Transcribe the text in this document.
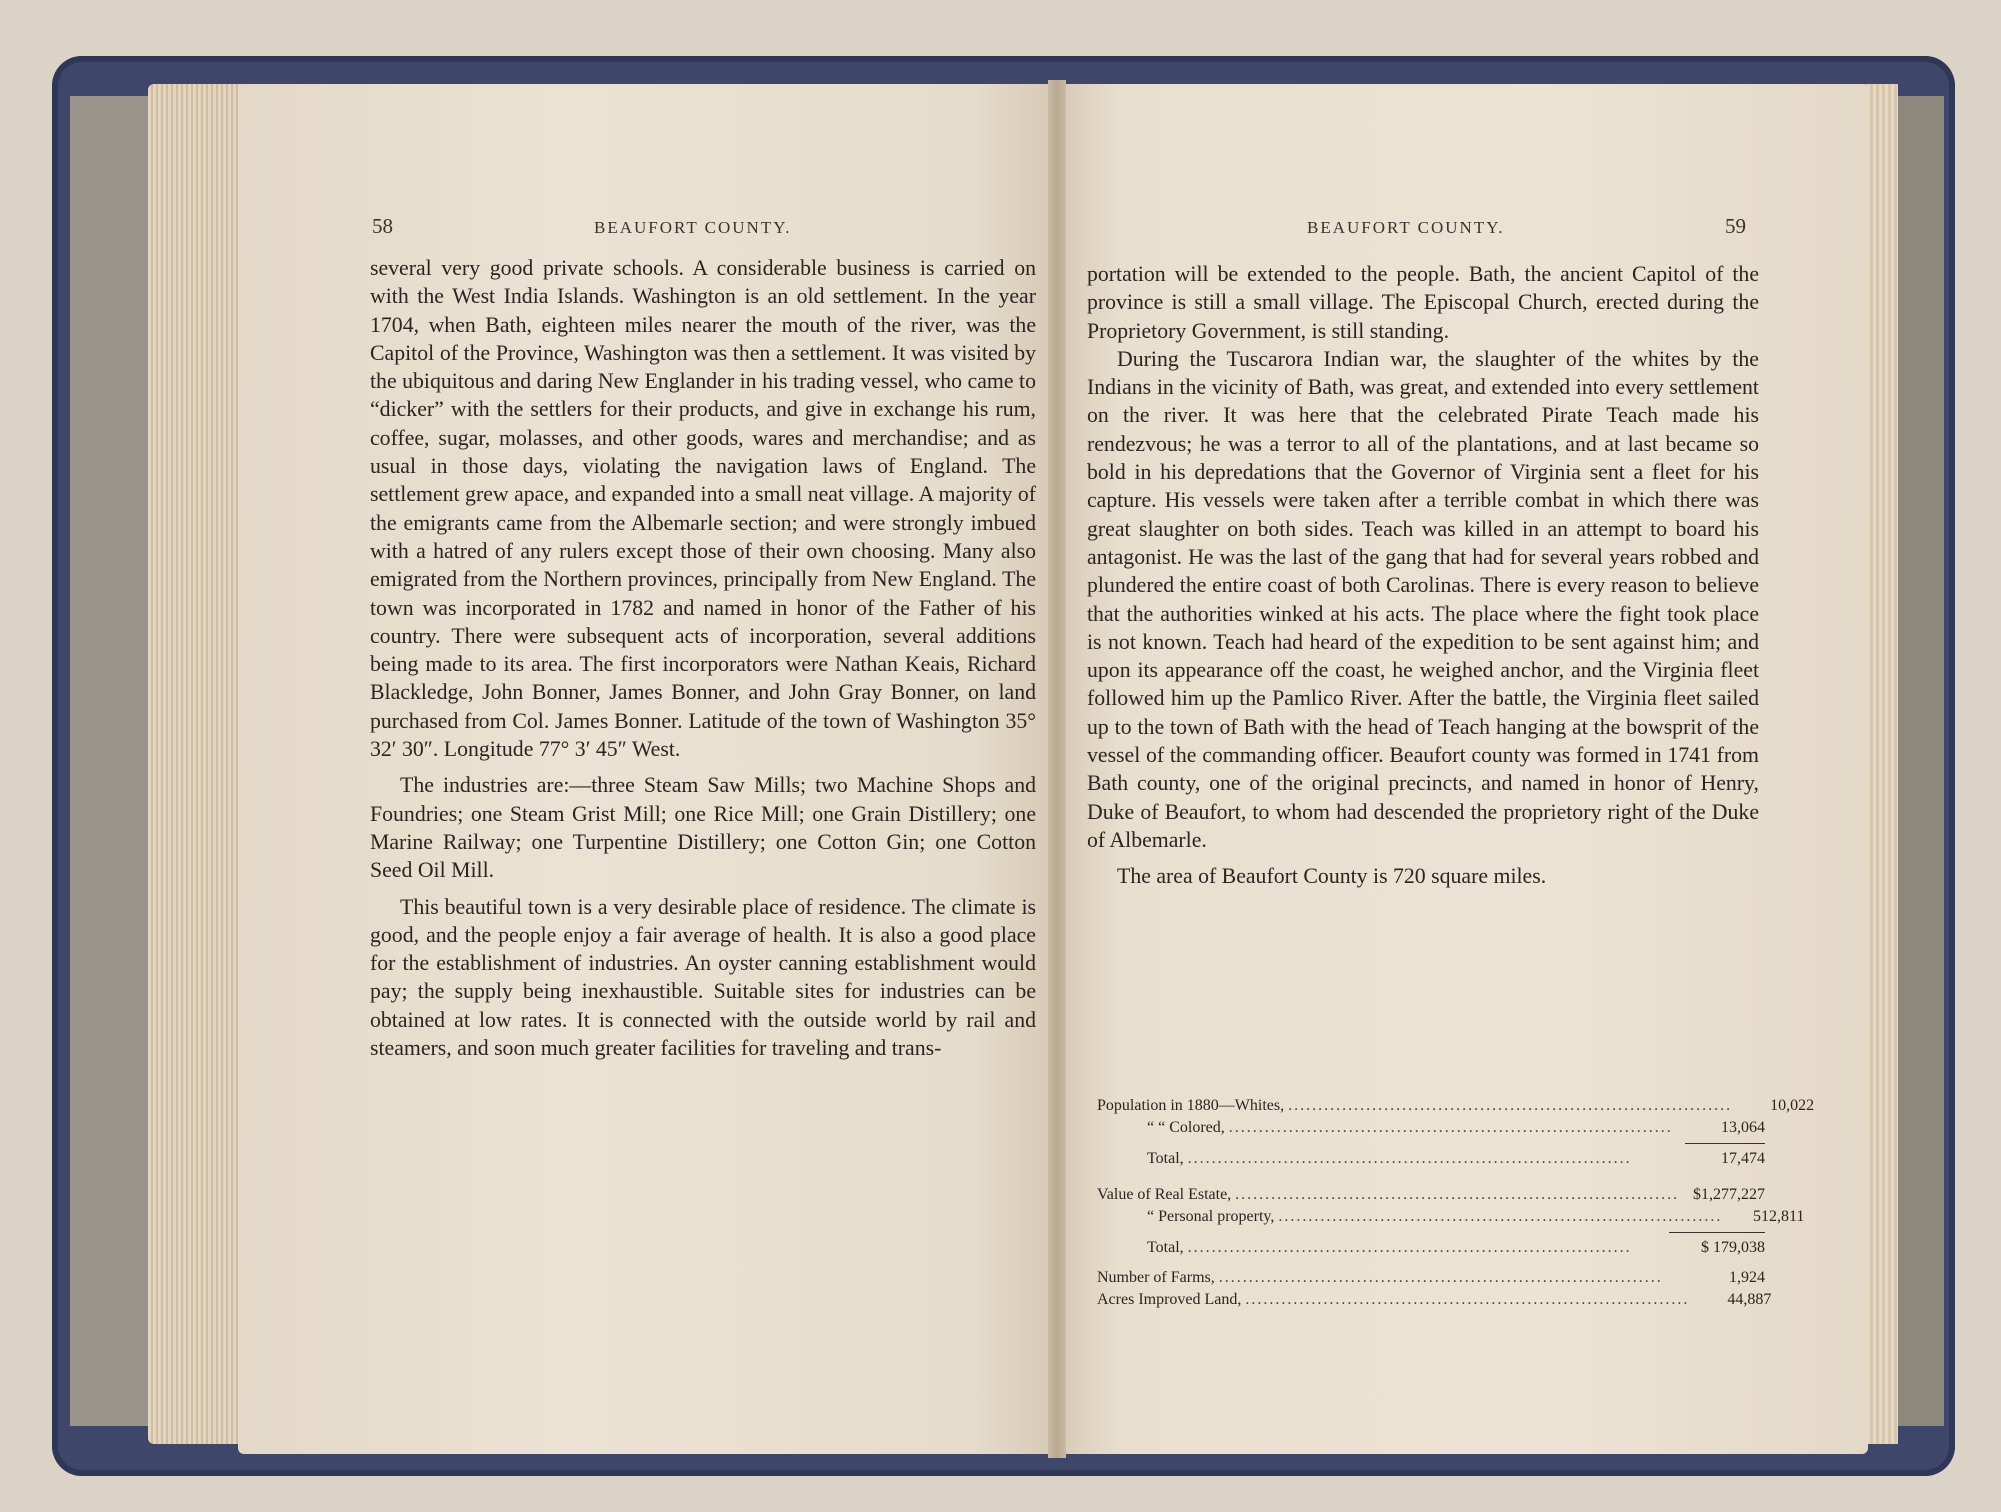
58	BEAUFORT COUNTY.

several very good private schools. A considerable business is carried on with the West India Islands. Washington is an old settlement. In the year 1704, when Bath, eighteen miles nearer the mouth of the river, was the Capitol of the Province, Washington was then a settlement. It was visited by the ubiquitous and daring New Englander in his trading vessel, who came to “dicker” with the settlers for their products, and give in exchange his rum, coffee, sugar, molasses, and other goods, wares and merchandise; and as usual in those days, violating the navigation laws of England. The settlement grew apace, and expanded into a small neat village. A majority of the emigrants came from the Albemarle section; and were strongly imbued with a hatred of any rulers except those of their own choosing. Many also emigrated from the Northern provinces, principally from New England. The town was incorporated in 1782 and named in honor of the Father of his country. There were subsequent acts of incorporation, several additions being made to its area. The first incorporators were Nathan Keais, Richard Blackledge, John Bonner, James Bonner, and John Gray Bonner, on land purchased from Col. James Bonner. Latitude of the town of Washington 35° 32′ 30″. Longitude 77° 3′ 45″ West.

The industries are:—three Steam Saw Mills; two Machine Shops and Foundries; one Steam Grist Mill; one Rice Mill; one Grain Distillery; one Marine Railway; one Turpentine Distillery; one Cotton Gin; one Cotton Seed Oil Mill.

This beautiful town is a very desirable place of residence. The climate is good, and the people enjoy a fair average of health. It is also a good place for the establishment of industries. An oyster canning establishment would pay; the supply being inexhaustible. Suitable sites for industries can be obtained at low rates. It is connected with the outside world by rail and steamers, and soon much greater facilities for traveling and trans-

BEAUFORT COUNTY.	59

portation will be extended to the people. Bath, the ancient Capitol of the province is still a small village. The Episcopal Church, erected during the Proprietory Government, is still standing.

During the Tuscarora Indian war, the slaughter of the whites by the Indians in the vicinity of Bath, was great, and extended into every settlement on the river. It was here that the celebrated Pirate Teach made his rendezvous; he was a terror to all of the plantations, and at last became so bold in his depredations that the Governor of Virginia sent a fleet for his capture. His vessels were taken after a terrible combat in which there was great slaughter on both sides. Teach was killed in an attempt to board his antagonist. He was the last of the gang that had for several years robbed and plundered the entire coast of both Carolinas. There is every reason to believe that the authorities winked at his acts. The place where the fight took place is not known. Teach had heard of the expedition to be sent against him; and upon its appearance off the coast, he weighed anchor, and the Virginia fleet followed him up the Pamlico River. After the battle, the Virginia fleet sailed up to the town of Bath with the head of Teach hanging at the bowsprit of the vessel of the commanding officer. Beaufort county was formed in 1741 from Bath county, one of the original precincts, and named in honor of Henry, Duke of Beaufort, to whom had descended the proprietory right of the Duke of Albemarle.

The area of Beaufort County is 720 square miles.

Population in 1880—Whites, ..........................................................................	10,022
“ “ Colored, ..........................................................................	13,064
Total, ..........................................................................	17,474
Value of Real Estate, .......................................................................... $1,277,227
“ Personal property, ..........................................................................	512,811
Total, ..........................................................................	$ 179,038
Number of Farms, ..........................................................................	1,924
Acres Improved Land, ..........................................................................	44,887
